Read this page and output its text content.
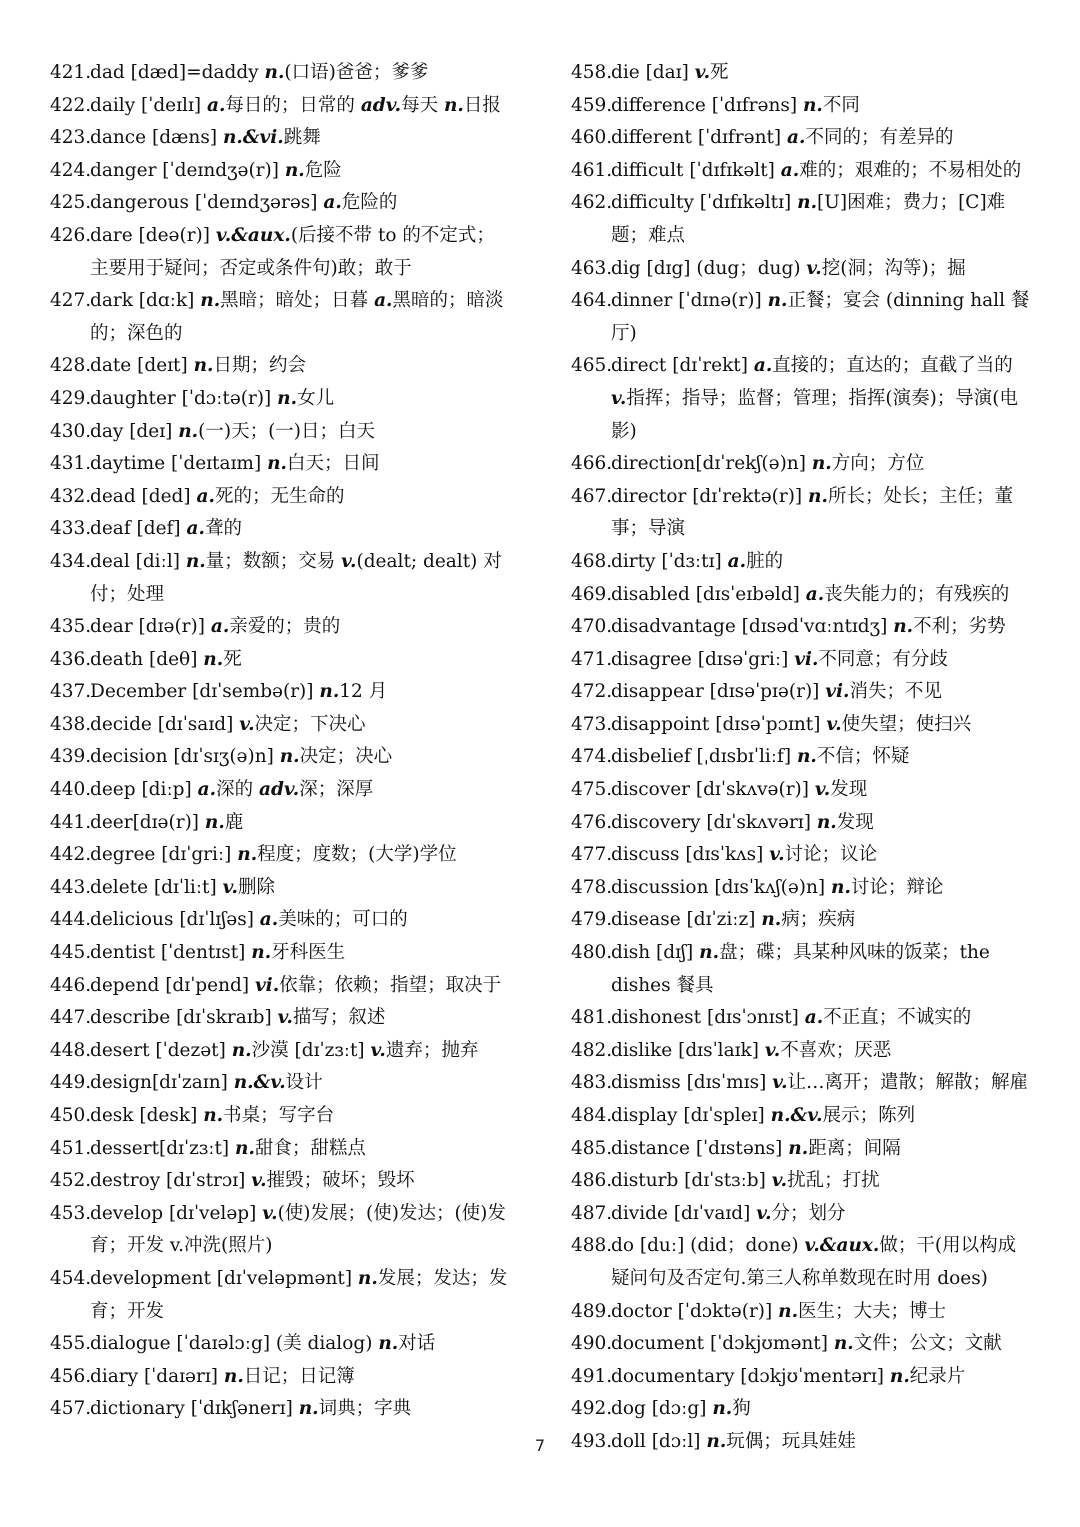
421.
dad [dæd]=daddy n.(口语)爸爸；爹爹
422.
daily [ˈdeɪlɪ] a.每日的；日常的 adv.每天 n.日报
423.
dance [dæns] n.&vi.跳舞
424.
danger [ˈdeɪndʒə(r)] n.危险
425.
dangerous [ˈdeɪndʒərəs] a.危险的
426.
dare [deə(r)] v.&aux.(后接不带 to 的不定式；主要用于疑问；否定或条件句)敢；敢于
427.
dark [dɑːk] n.黑暗；暗处；日暮 a.黑暗的；暗淡的；深色的
428.
date [deɪt] n.日期；约会
429.
daughter [ˈdɔːtə(r)] n.女儿
430.
day [deɪ] n.(一)天；(一)日；白天
431.
daytime [ˈdeɪtaɪm] n.白天；日间
432.
dead [ded] a.死的；无生命的
433.
deaf [def] a.聋的
434.
deal [diːl] n.量；数额；交易 v.(dealt; dealt) 对付；处理
435.
dear [dɪə(r)] a.亲爱的；贵的
436.
death [deθ] n.死
437.
December [dɪˈsembə(r)] n.12 月
438.
decide [dɪˈsaɪd] v.决定；下决心
439.
decision [dɪˈsɪʒ(ə)n] n.决定；决心
440.
deep [diːp] a.深的 adv.深；深厚
441.
deer[dɪə(r)] n.鹿
442.
degree [dɪˈgriː] n.程度；度数；(大学)学位
443.
delete [dɪˈliːt] v.删除
444.
delicious [dɪˈlɪʃəs] a.美味的；可口的
445.
dentist [ˈdentɪst] n.牙科医生
446.
depend [dɪˈpend] vi.依靠；依赖；指望；取决于
447.
describe [dɪˈskraɪb] v.描写；叙述
448.
desert [ˈdezət] n.沙漠 [dɪˈzɜːt] v.遗弃；抛弃
449.
design[dɪˈzaɪn] n.&v.设计
450.
desk [desk] n.书桌；写字台
451.
dessert[dɪˈzɜːt] n.甜食；甜糕点
452.
destroy [dɪˈstrɔɪ] v.摧毁；破坏；毁坏
453.
develop [dɪˈveləp] v.(使)发展；(使)发达；(使)发育；开发 v.冲洗(照片)
454.
development [dɪˈveləpmənt] n.发展；发达；发育；开发
455.
dialogue [ˈdaɪəlɔːg] (美 dialog) n.对话
456.
diary [ˈdaɪərɪ] n.日记；日记簿
457.
dictionary [ˈdɪkʃənerɪ] n.词典；字典
458.
die [daɪ] v.死
459.
difference [ˈdɪfrəns] n.不同
460.
different [ˈdɪfrənt] a.不同的；有差异的
461.
difficult [ˈdɪfɪkəlt] a.难的；艰难的；不易相处的
462.
difficulty [ˈdɪfɪkəltɪ] n.[U]困难；费力；[C]难题；难点
463.
dig [dɪg] (dug；dug) v.挖(洞；沟等)；掘
464.
dinner [ˈdɪnə(r)] n.正餐；宴会 (dinning hall 餐厅)
465.
direct [dɪˈrekt] a.直接的；直达的；直截了当的 v.指挥；指导；监督；管理；指挥(演奏)；导演(电影)
466.
direction[dɪˈrekʃ(ə)n] n.方向；方位
467.
director [dɪˈrektə(r)] n.所长；处长；主任；董事；导演
468.
dirty [ˈdɜːtɪ] a.脏的
469.
disabled [dɪsˈeɪbəld] a.丧失能力的；有残疾的
470.
disadvantage [dɪsədˈvɑːntɪdʒ] n.不利；劣势
471.
disagree [dɪsəˈgriː] vi.不同意；有分歧
472.
disappear [dɪsəˈpɪə(r)] vi.消失；不见
473.
disappoint [dɪsəˈpɔɪnt] v.使失望；使扫兴
474.
disbelief [ˌdɪsbɪˈliːf] n.不信；怀疑
475.
discover [dɪˈskʌvə(r)] v.发现
476.
discovery [dɪˈskʌvərɪ] n.发现
477.
discuss [dɪsˈkʌs] v.讨论；议论
478.
discussion [dɪsˈkʌʃ(ə)n] n.讨论；辩论
479.
disease [dɪˈziːz] n.病；疾病
480.
dish [dɪʃ] n.盘；碟；具某种风味的饭菜；the dishes 餐具
481.
dishonest [dɪsˈɔnɪst] a.不正直；不诚实的
482.
dislike [dɪsˈlaɪk] v.不喜欢；厌恶
483.
dismiss [dɪsˈmɪs] v.让…离开；遣散；解散；解雇
484.
display [dɪˈspleɪ] n.&v.展示；陈列
485.
distance [ˈdɪstəns] n.距离；间隔
486.
disturb [dɪˈstɜːb] v.扰乱；打扰
487.
divide [dɪˈvaɪd] v.分；划分
488.
do [duː] (did；done) v.&aux.做；干(用以构成疑问句及否定句.第三人称单数现在时用 does)
489.
doctor [ˈdɔktə(r)] n.医生；大夫；博士
490.
document [ˈdɔkjʊmənt] n.文件；公文；文献
491.
documentary [dɔkjʊˈmentərɪ] n.纪录片
492.
dog [dɔːg] n.狗
493.
doll [dɔːl] n.玩偶；玩具娃娃
7
